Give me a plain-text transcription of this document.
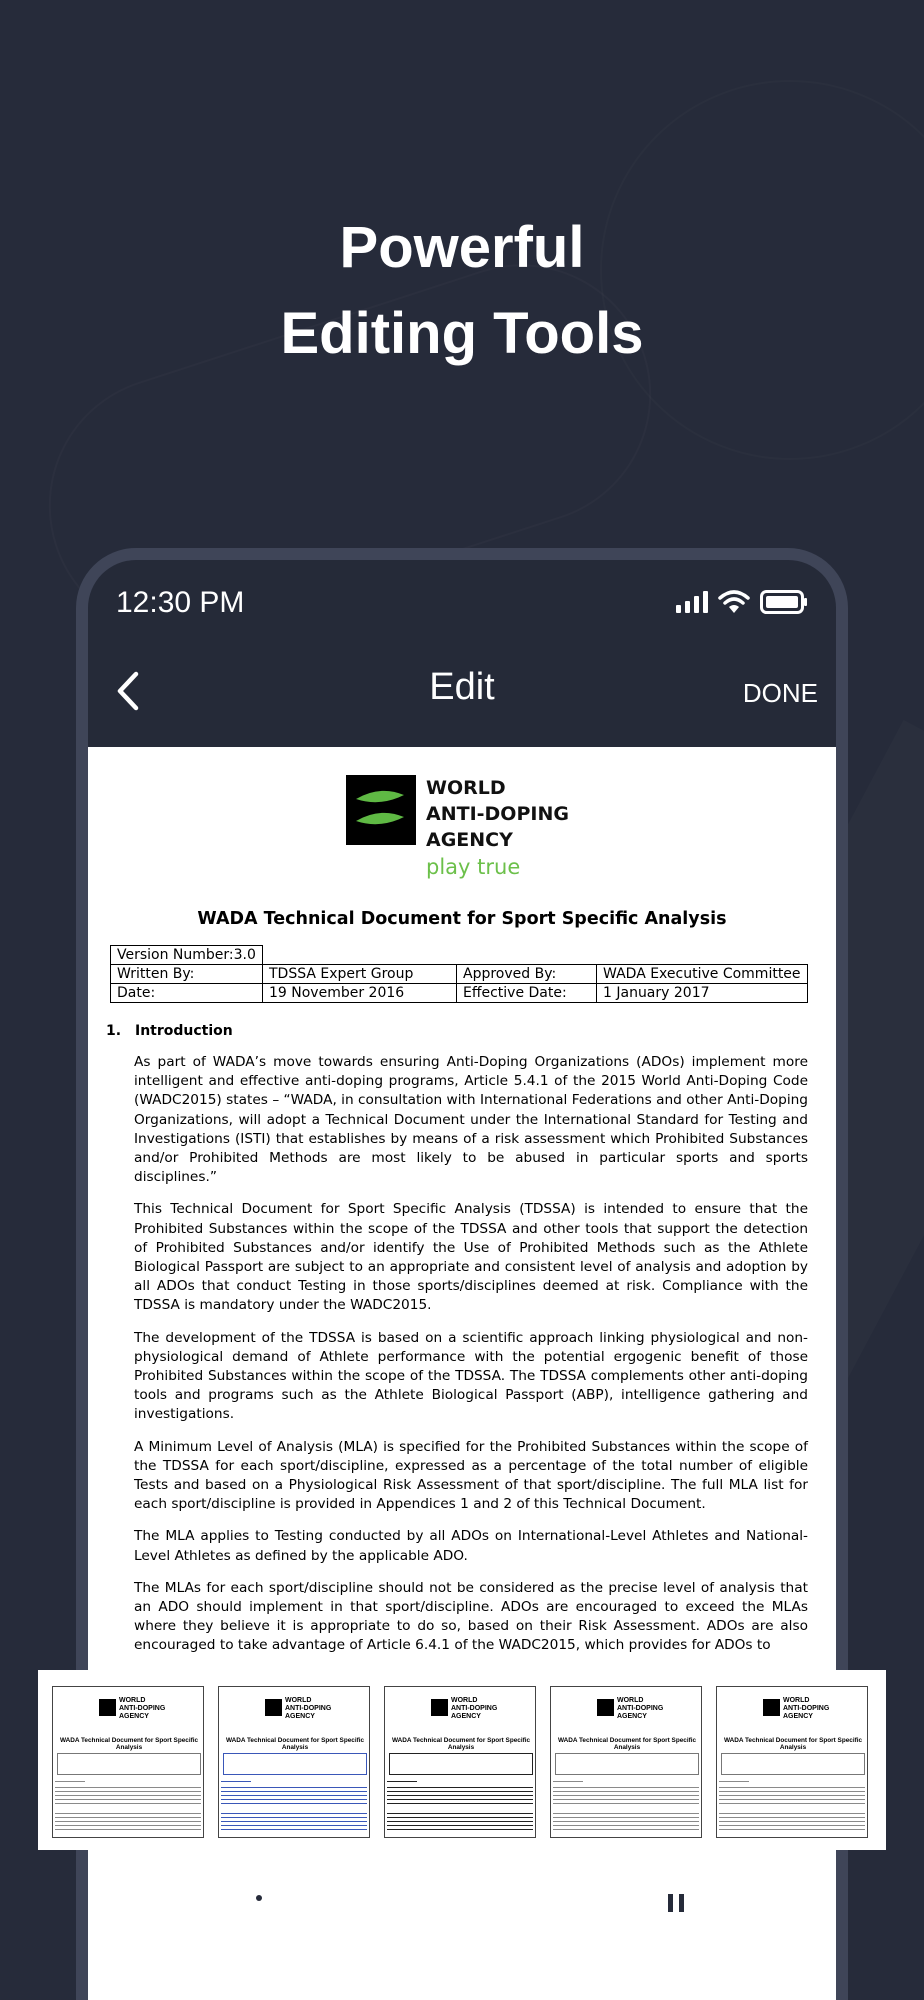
Powerful
Editing Tools
12:30 PM
Edit	DONE
WORLD
ANTI-DOPING
AGENCY
play true
WADA Technical Document for Sport Specific Analysis
Version Number:3.0			
Written By:	TDSSA Expert Group	Approved By:	WADA Executive Committee
Date:	19 November 2016	Effective Date:	1 January 2017
1. Introduction

As part of WADA’s move towards ensuring Anti-Doping Organizations (ADOs) implement more intelligent and effective anti-doping programs, Article 5.4.1 of the 2015 World Anti-Doping Code (WADC2015) states – “WADA, in consultation with International Federations and other Anti-Doping Organizations, will adopt a Technical Document under the International Standard for Testing and Investigations (ISTI) that establishes by means of a risk assessment which Prohibited Substances and/or Prohibited Methods are most likely to be abused in particular sports and sports disciplines.”

This Technical Document for Sport Specific Analysis (TDSSA) is intended to ensure that the Prohibited Substances within the scope of the TDSSA and other tools that support the detection of Prohibited Substances and/or identify the Use of Prohibited Methods such as the Athlete Biological Passport are subject to an appropriate and consistent level of analysis and adoption by all ADOs that conduct Testing in those sports/disciplines deemed at risk. Compliance with the TDSSA is mandatory under the WADC2015.

The development of the TDSSA is based on a scientific approach linking physiological and non-physiological demand of Athlete performance with the potential ergogenic benefit of those Prohibited Substances within the scope of the TDSSA. The TDSSA complements other anti-doping tools and programs such as the Athlete Biological Passport (ABP), intelligence gathering and investigations.

A Minimum Level of Analysis (MLA) is specified for the Prohibited Substances within the scope of the TDSSA for each sport/discipline, expressed as a percentage of the total number of eligible Tests and based on a Physiological Risk Assessment of that sport/discipline. The full MLA list for each sport/discipline is provided in Appendices 1 and 2 of this Technical Document.

The MLA applies to Testing conducted by all ADOs on International-Level Athletes and National-Level Athletes as defined by the applicable ADO.

The MLAs for each sport/discipline should not be considered as the precise level of analysis that an ADO should implement in that sport/discipline. ADOs are encouraged to exceed the MLAs where they believe it is appropriate to do so, based on their Risk Assessment. ADOs are also encouraged to take advantage of Article 6.4.1 of the WADC2015, which provides for ADOs to

WORLD
ANTI-DOPING
AGENCY
WADA Technical Document for Sport Specific Analysis
WORLD
ANTI-DOPING
AGENCY
WADA Technical Document for Sport Specific Analysis
WORLD
ANTI-DOPING
AGENCY
WADA Technical Document for Sport Specific Analysis
WORLD
ANTI-DOPING
AGENCY
WADA Technical Document for Sport Specific Analysis
WORLD
ANTI-DOPING
AGENCY
WADA Technical Document for Sport Specific Analysis
Signature	OCR	Share	Delete
